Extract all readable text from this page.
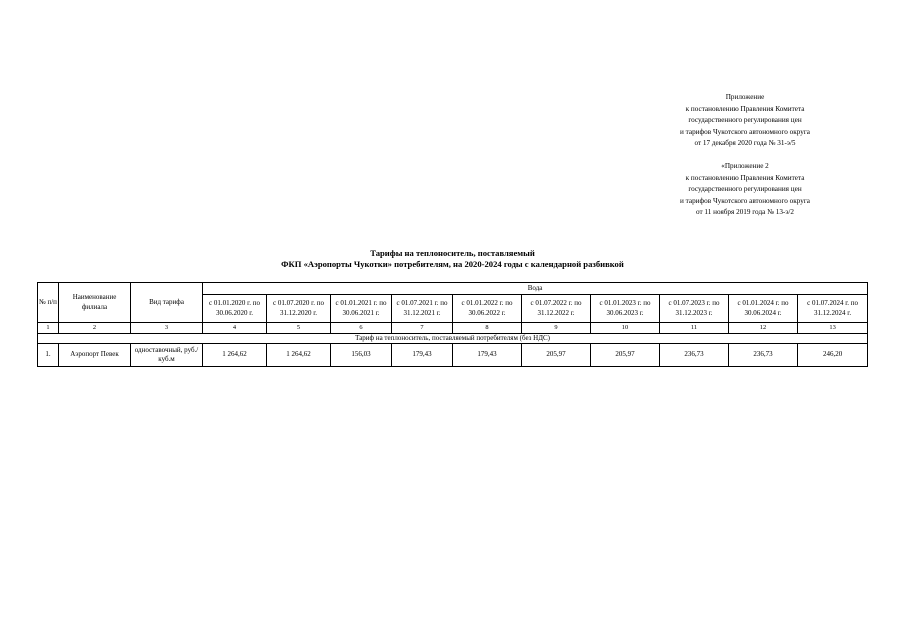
Приложение
к постановлению Правления Комитета
государственного регулирования цен
и тарифов Чукотского автономного округа
от 17 декабря 2020 года № 31-э/5
«Приложение 2
к постановлению Правления Комитета
государственного регулирования цен
и тарифов Чукотского автономного округа
от 11 ноября 2019 года № 13-э/2
Тарифы на теплоноситель, поставляемый
ФКП «Аэропорты Чукотки» потребителям, на 2020-2024 годы с календарной разбивкой
№ п/п	Наименование филиала	Вид тарифа	Вода									
			с 01.01.2020 г. по 30.06.2020 г.	с 01.07.2020 г. по 31.12.2020 г.	с 01.01.2021 г. по 30.06.2021 г.	с 01.07.2021 г. по 31.12.2021 г.	с 01.01.2022 г. по 30.06.2022 г.	с 01.07.2022 г. по 31.12.2022 г.	с 01.01.2023 г. по 30.06.2023 г.	с 01.07.2023 г. по 31.12.2023 г.	с 01.01.2024 г. по 30.06.2024 г.	с 01.07.2024 г. по 31.12.2024 г.
1	2	3	4	5	6	7	8	9	10	11	12	13
Тариф на теплоноситель, поставляемый потребителям (без НДС)												
1.	Аэропорт Певек	одноставочный, руб./куб.м	1 264,62	1 264,62	156,03	179,43	179,43	205,97	205,97	236,73	236,73	246,20
